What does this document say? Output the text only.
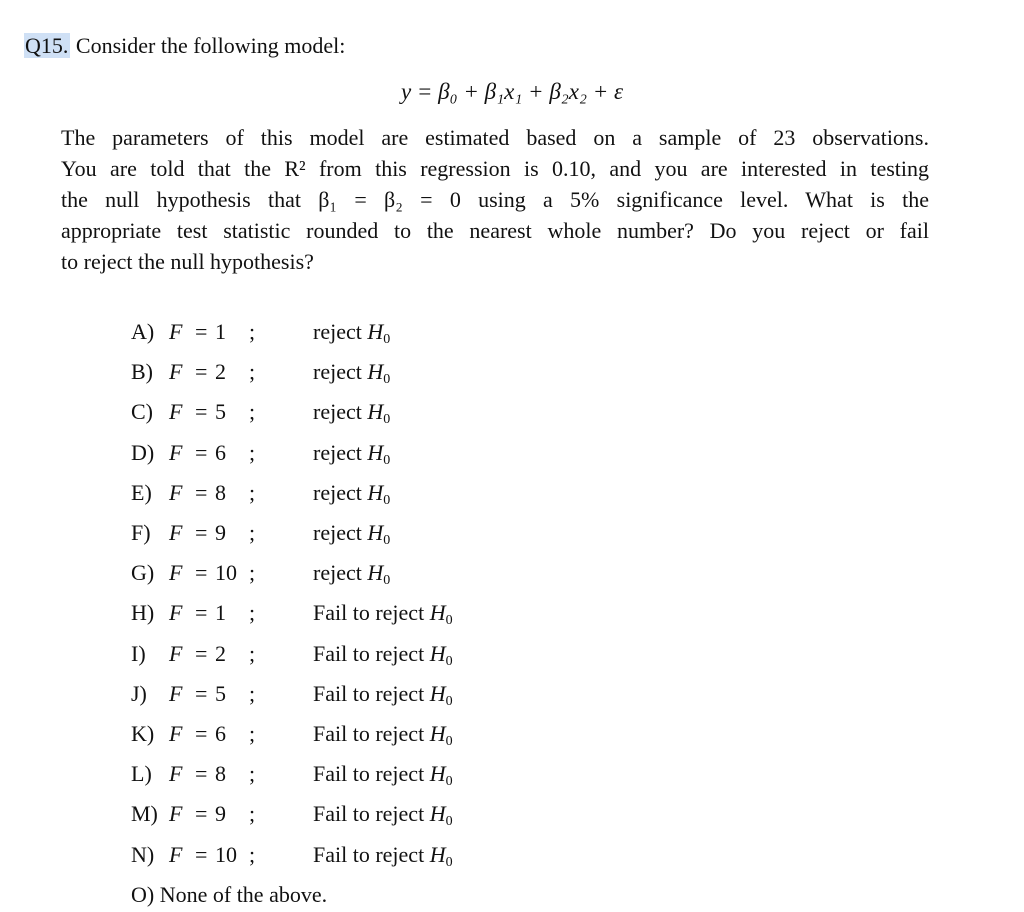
Q15. Consider the following model:
y = β₀ + β₁x₁ + β₂x₂ + ε
The parameters of this model are estimated based on a sample of 23 observations.
You are told that the R² from this regression is 0.10, and you are interested in testing
the null hypothesis that β₁ = β₂ = 0 using a 5% significance level. What is the
appropriate test statistic rounded to the nearest whole number? Do you reject or fail
to reject the null hypothesis?
A) F = 1 ;	reject $H_0$
B) F = 2 ;	reject $H_0$
C) F = 5 ;	reject $H_0$
D) F = 6 ;	reject $H_0$
E) F = 8 ;	reject $H_0$
F) F = 9 ;	reject $H_0$
G) F = 10 ;	reject $H_0$
H) F = 1 ;	Fail to reject $H_0$
I)	F = 2 ;	Fail to reject $H_0$
J)	F = 5 ;	Fail to reject $H_0$
K) F = 6 ;	Fail to reject $H_0$
L) F = 8 ;	Fail to reject $H_0$
M) F = 9 ;	Fail to reject $H_0$
N) F = 10 ;	Fail to reject $H_0$
O) None of the above.
